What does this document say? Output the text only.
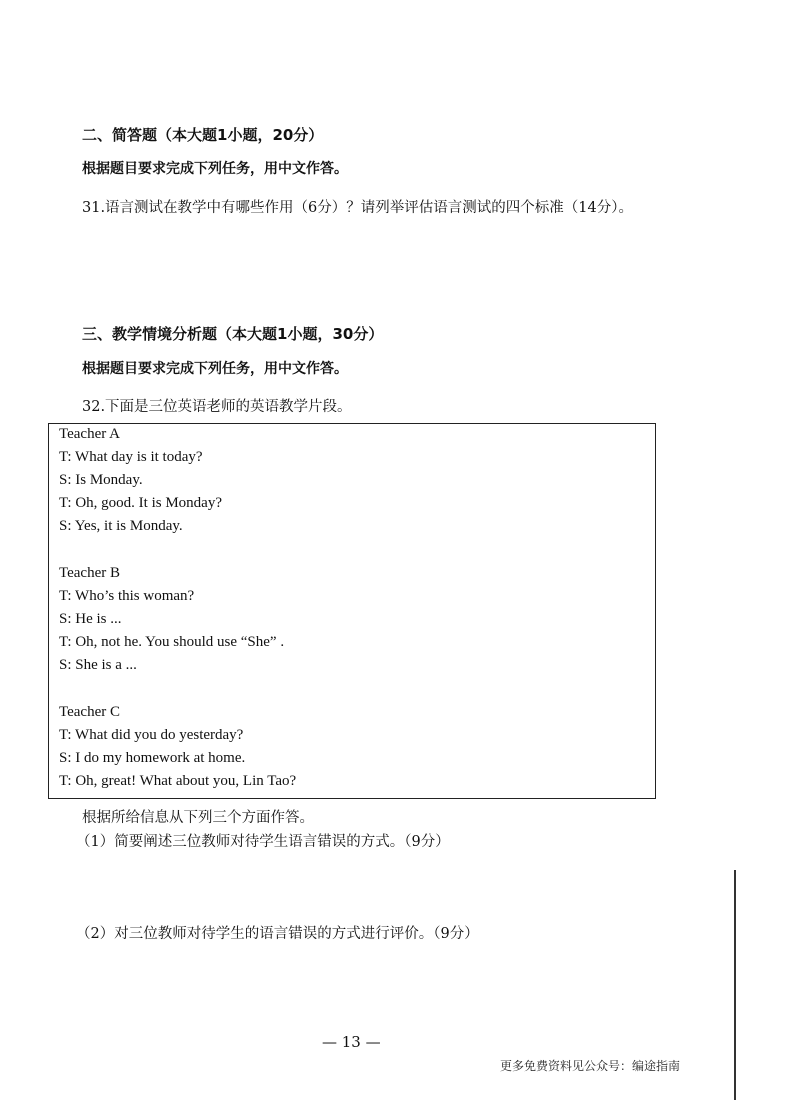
二、简答题（本大题1小题，20分）
根据题目要求完成下列任务，用中文作答。
31.语言测试在教学中有哪些作用（6分）？请列举评估语言测试的四个标准（14分）。
三、教学情境分析题（本大题1小题，30分）
根据题目要求完成下列任务，用中文作答。
32.下面是三位英语老师的英语教学片段。
Teacher A
T: What day is it today?
S: Is Monday.
T: Oh, good. It is Monday?
S: Yes, it is Monday.
Teacher B
T: Who’s this woman?
S: He is ...
T: Oh, not he. You should use “She” .
S: She is a ...
Teacher C
T: What did you do yesterday?
S: I do my homework at home.
T: Oh, great! What about you, Lin Tao?
根据所给信息从下列三个方面作答。
（1）简要阐述三位教师对待学生语言错误的方式。（9分）
（2）对三位教师对待学生的语言错误的方式进行评价。（9分）
— 13 —
更多免费资料见公众号：编途指南
